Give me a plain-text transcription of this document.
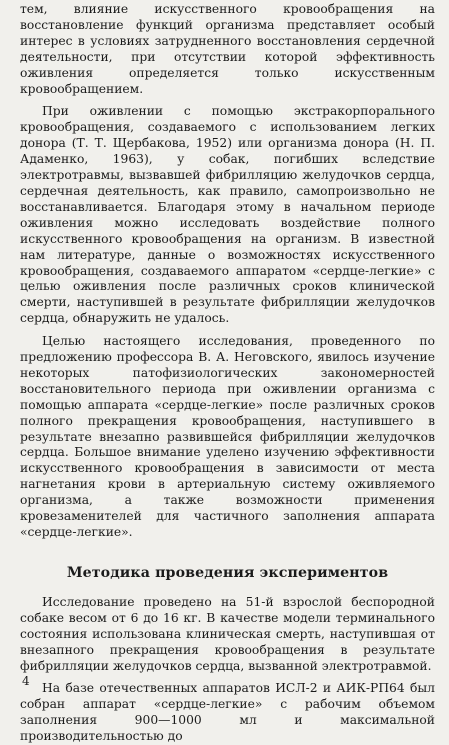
тем, влияние искусственного кровообращения на восстановление функций организма представляет особый интерес в условиях затрудненного восстановления сердечной деятельности, при отсутствии которой эффективность оживления определяется только искусственным кровообращением.

При оживлении с помощью экстракорпорального кровообращения, создаваемого с использованием легких донора (Т. Т. Щербакова, 1952) или организма донора (Н. П. Адаменко, 1963), у собак, погибших вследствие электротравмы, вызвавшей фибрилляцию желудочков сердца, сердечная деятельность, как правило, самопроизвольно не восстанавливается. Благодаря этому в начальном периоде оживления можно исследовать воздействие полного искусственного кровообращения на организм. В известной нам литературе, данные о возможностях искусственного кровообращения, создаваемого аппаратом «сердце-легкие» с целью оживления после различных сроков клинической смерти, наступившей в результате фибрилляции желудочков сердца, обнаружить не удалось.

Целью настоящего исследования, проведенного по предложению профессора В. А. Неговского, явилось изучение некоторых патофизиологических закономерностей восстановительного периода при оживлении организма с помощью аппарата «сердце-легкие» после различных сроков полного прекращения кровообращения, наступившего в результате внезапно развившейся фибрилляции желудочков сердца. Большое внимание уделено изучению эффективности искусственного кровообращения в зависимости от места нагнетания крови в артериальную систему оживляемого организма, а также возможности применения кровезаменителей для частичного заполнения аппарата «сердце-легкие».

Методика проведения экспериментов

Исследование проведено на 51-й взрослой беспородной собаке весом от 6 до 16 кг. В качестве модели терминального состояния использована клиническая смерть, наступившая от внезапного прекращения кровообращения в результате фибрилляции желудочков сердца, вызванной электротравмой.

На базе отечественных аппаратов ИСЛ-2 и АИК-РП64 был собран аппарат «сердце-легкие» с рабочим объемом заполнения 900—1000 мл и максимальной производительностью до

4
